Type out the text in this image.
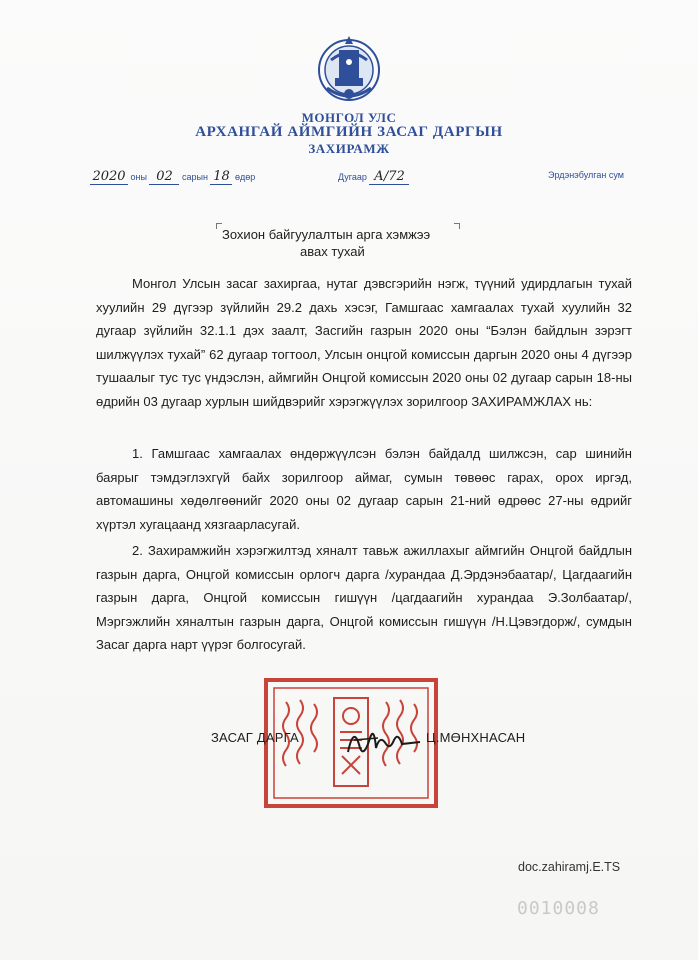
МОНГОЛ УЛС
АРХАНГАЙ АЙМГИЙН ЗАСАГ ДАРГЫН
ЗАХИРАМЖ
2020 оны 02 сарын 18 өдөр	Дугаар А/72	Эрдэнэбулган сум
Зохион байгуулалтын арга хэмжээ
авах тухай
Монгол Улсын засаг захиргаа, нутаг дэвсгэрийн нэгж, түүний удирдлагын тухай хуулийн 29 дүгээр зүйлийн 29.2 дахь хэсэг, Гамшгаас хамгаалах тухай хуулийн 32 дугаар зүйлийн 32.1.1 дэх заалт, Засгийн газрын 2020 оны “Бэлэн байдлын зэрэгт шилжүүлэх тухай” 62 дугаар тогтоол, Улсын онцгой комиссын даргын 2020 оны 4 дүгээр тушаалыг тус тус үндэслэн, аймгийн Онцгой комиссын 2020 оны 02 дугаар сарын 18-ны өдрийн 03 дугаар хурлын шийдвэрийг хэрэгжүүлэх зорилгоор ЗАХИРАМЖЛАХ нь:
1. Гамшгаас хамгаалах өндөржүүлсэн бэлэн байдалд шилжсэн, сар шинийн баярыг тэмдэглэхгүй байх зорилгоор аймаг, сумын төвөөс гарах, орох иргэд, автомашины хөдөлгөөнийг 2020 оны 02 дугаар сарын 21-ний өдрөөс 27-ны өдрийг хүртэл хугацаанд хязгаарласугай.
2. Захирамжийн хэрэгжилтэд хяналт тавьж ажиллахыг аймгийн Онцгой байдлын газрын дарга, Онцгой комиссын орлогч дарга /хурандаа Д.Эрдэнэбаатар/, Цагдаагийн газрын дарга, Онцгой комиссын гишүүн /цагдаагийн хурандаа Э.Золбаатар/, Мэргэжлийн хяналтын газрын дарга, Онцгой комиссын гишүүн /Н.Цэвэгдорж/, сумдын Засаг дарга нарт үүрэг болгосугай.
ЗАСАГ ДАРГА	Ц.МӨНХНАСАН
doc.zahiramj.E.TS
0010008
